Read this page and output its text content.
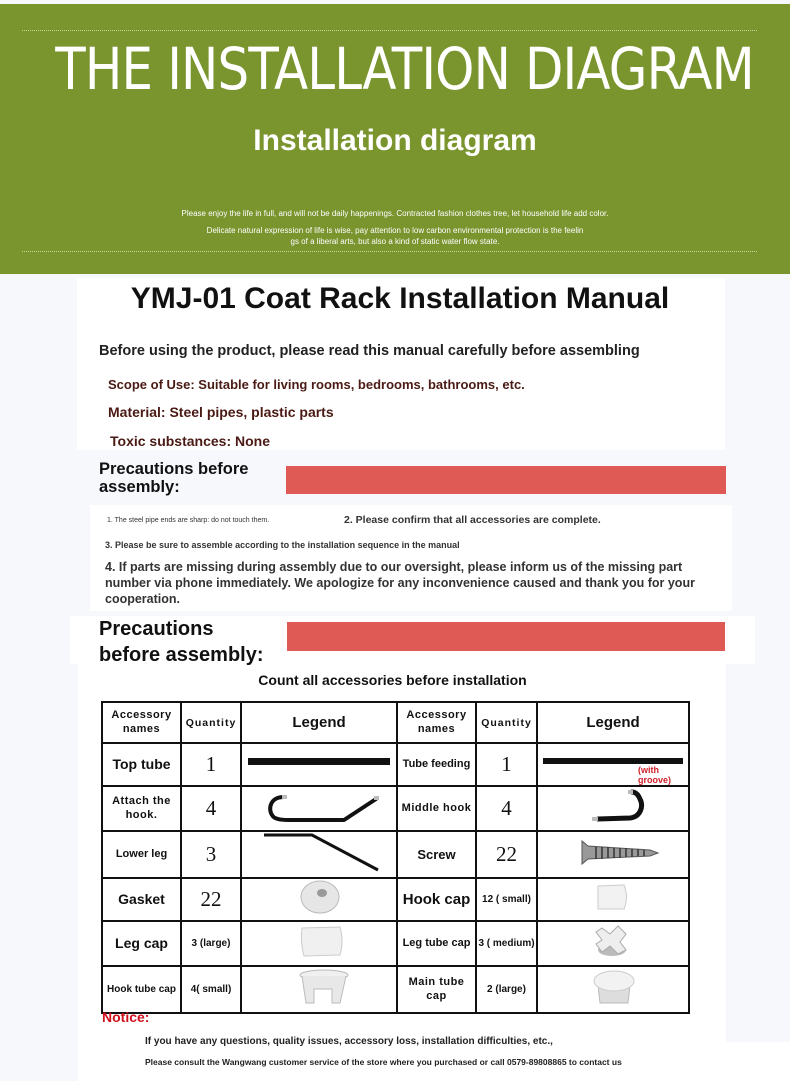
THE INSTALLATION DIAGRAM
Installation diagram
Please enjoy the life in full, and will not be daily happenings. Contracted fashion clothes tree, let household life add color.
Delicate natural expression of life is wise, pay attention to low carbon environmental protection is the feelin
gs of a liberal arts, but also a kind of static water flow state.
YMJ-01 Coat Rack Installation Manual
Before using the product, please read this manual carefully before assembling
Scope of Use: Suitable for living rooms, bedrooms, bathrooms, etc.
Material: Steel pipes, plastic parts
Toxic substances: None
Precautions before assembly:
1. The steel pipe ends are sharp: do not touch them.	2. Please confirm that all accessories are complete.
3. Please be sure to assemble according to the installation sequence in the manual
4. If parts are missing during assembly due to our oversight, please inform us of the missing part number via phone immediately. We apologize for any inconvenience caused and thank you for your cooperation.
Precautions
before assembly:
Count all accessories before installation
Accessory names	Quantity	Legend	Accessory names	Quantity	Legend
Top tube	1		Tube feeding	1	(with groove)

Attach the hook.	4		Middle hook	4	
Lower leg	3		Screw	22	
Gasket	22		Hook cap	12 ( small)	
Leg cap	3 (large)		Leg tube cap	3 ( medium)	
Hook tube cap	4( small)		Main tube cap	2 (large)	
Notice:
If you have any questions, quality issues, accessory loss, installation difficulties, etc.,
Please consult the Wangwang customer service of the store where you purchased or call 0579-89808865 to contact us
